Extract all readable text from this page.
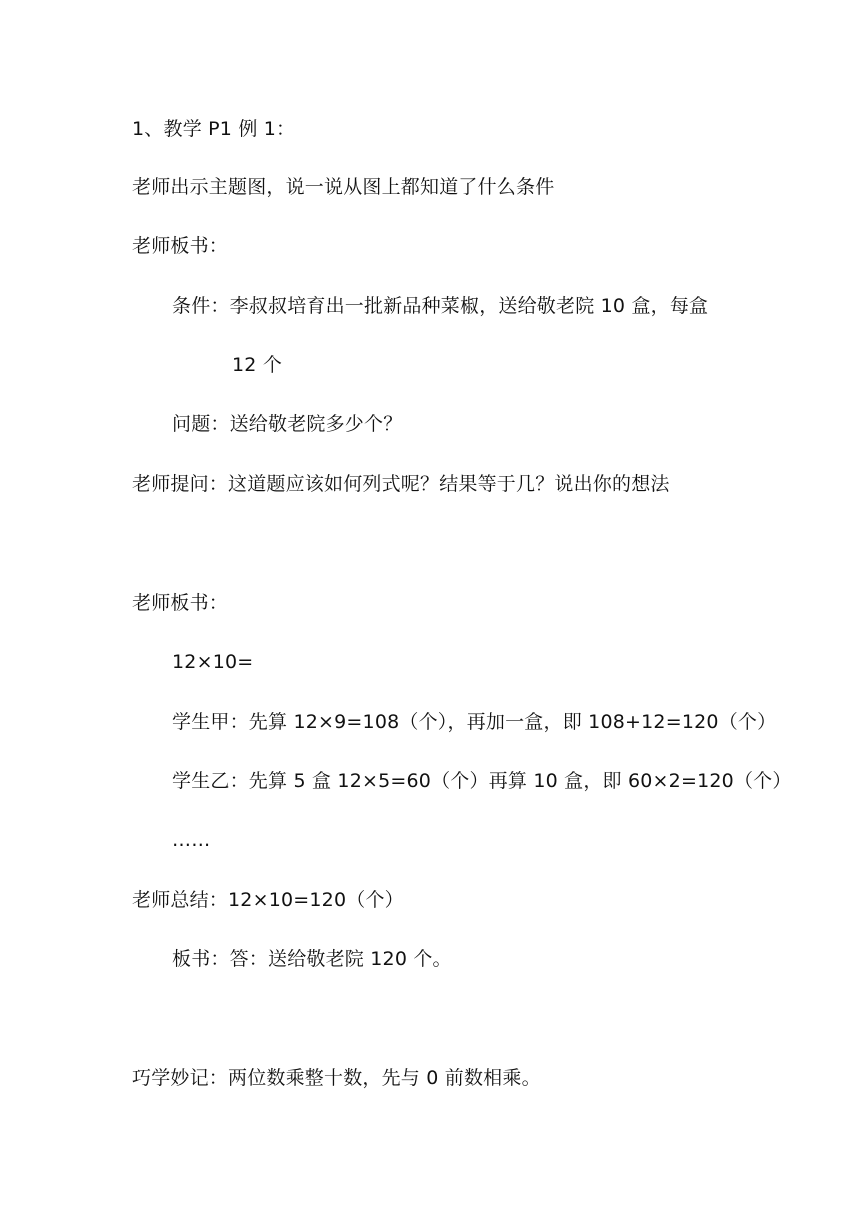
1、教学 P1 例 1：
老师出示主题图，说一说从图上都知道了什么条件
老师板书：
条件：李叔叔培育出一批新品种菜椒，送给敬老院 10 盒，每盒
12 个
问题：送给敬老院多少个？
老师提问：这道题应该如何列式呢？结果等于几？说出你的想法
老师板书：
12×10=
学生甲：先算 12×9=108（个），再加一盒，即 108+12=120（个）
学生乙：先算 5 盒 12×5=60（个）再算 10 盒，即 60×2=120（个）
……
老师总结：12×10=120（个）
板书：答：送给敬老院 120 个。
巧学妙记：两位数乘整十数，先与 0 前数相乘。
